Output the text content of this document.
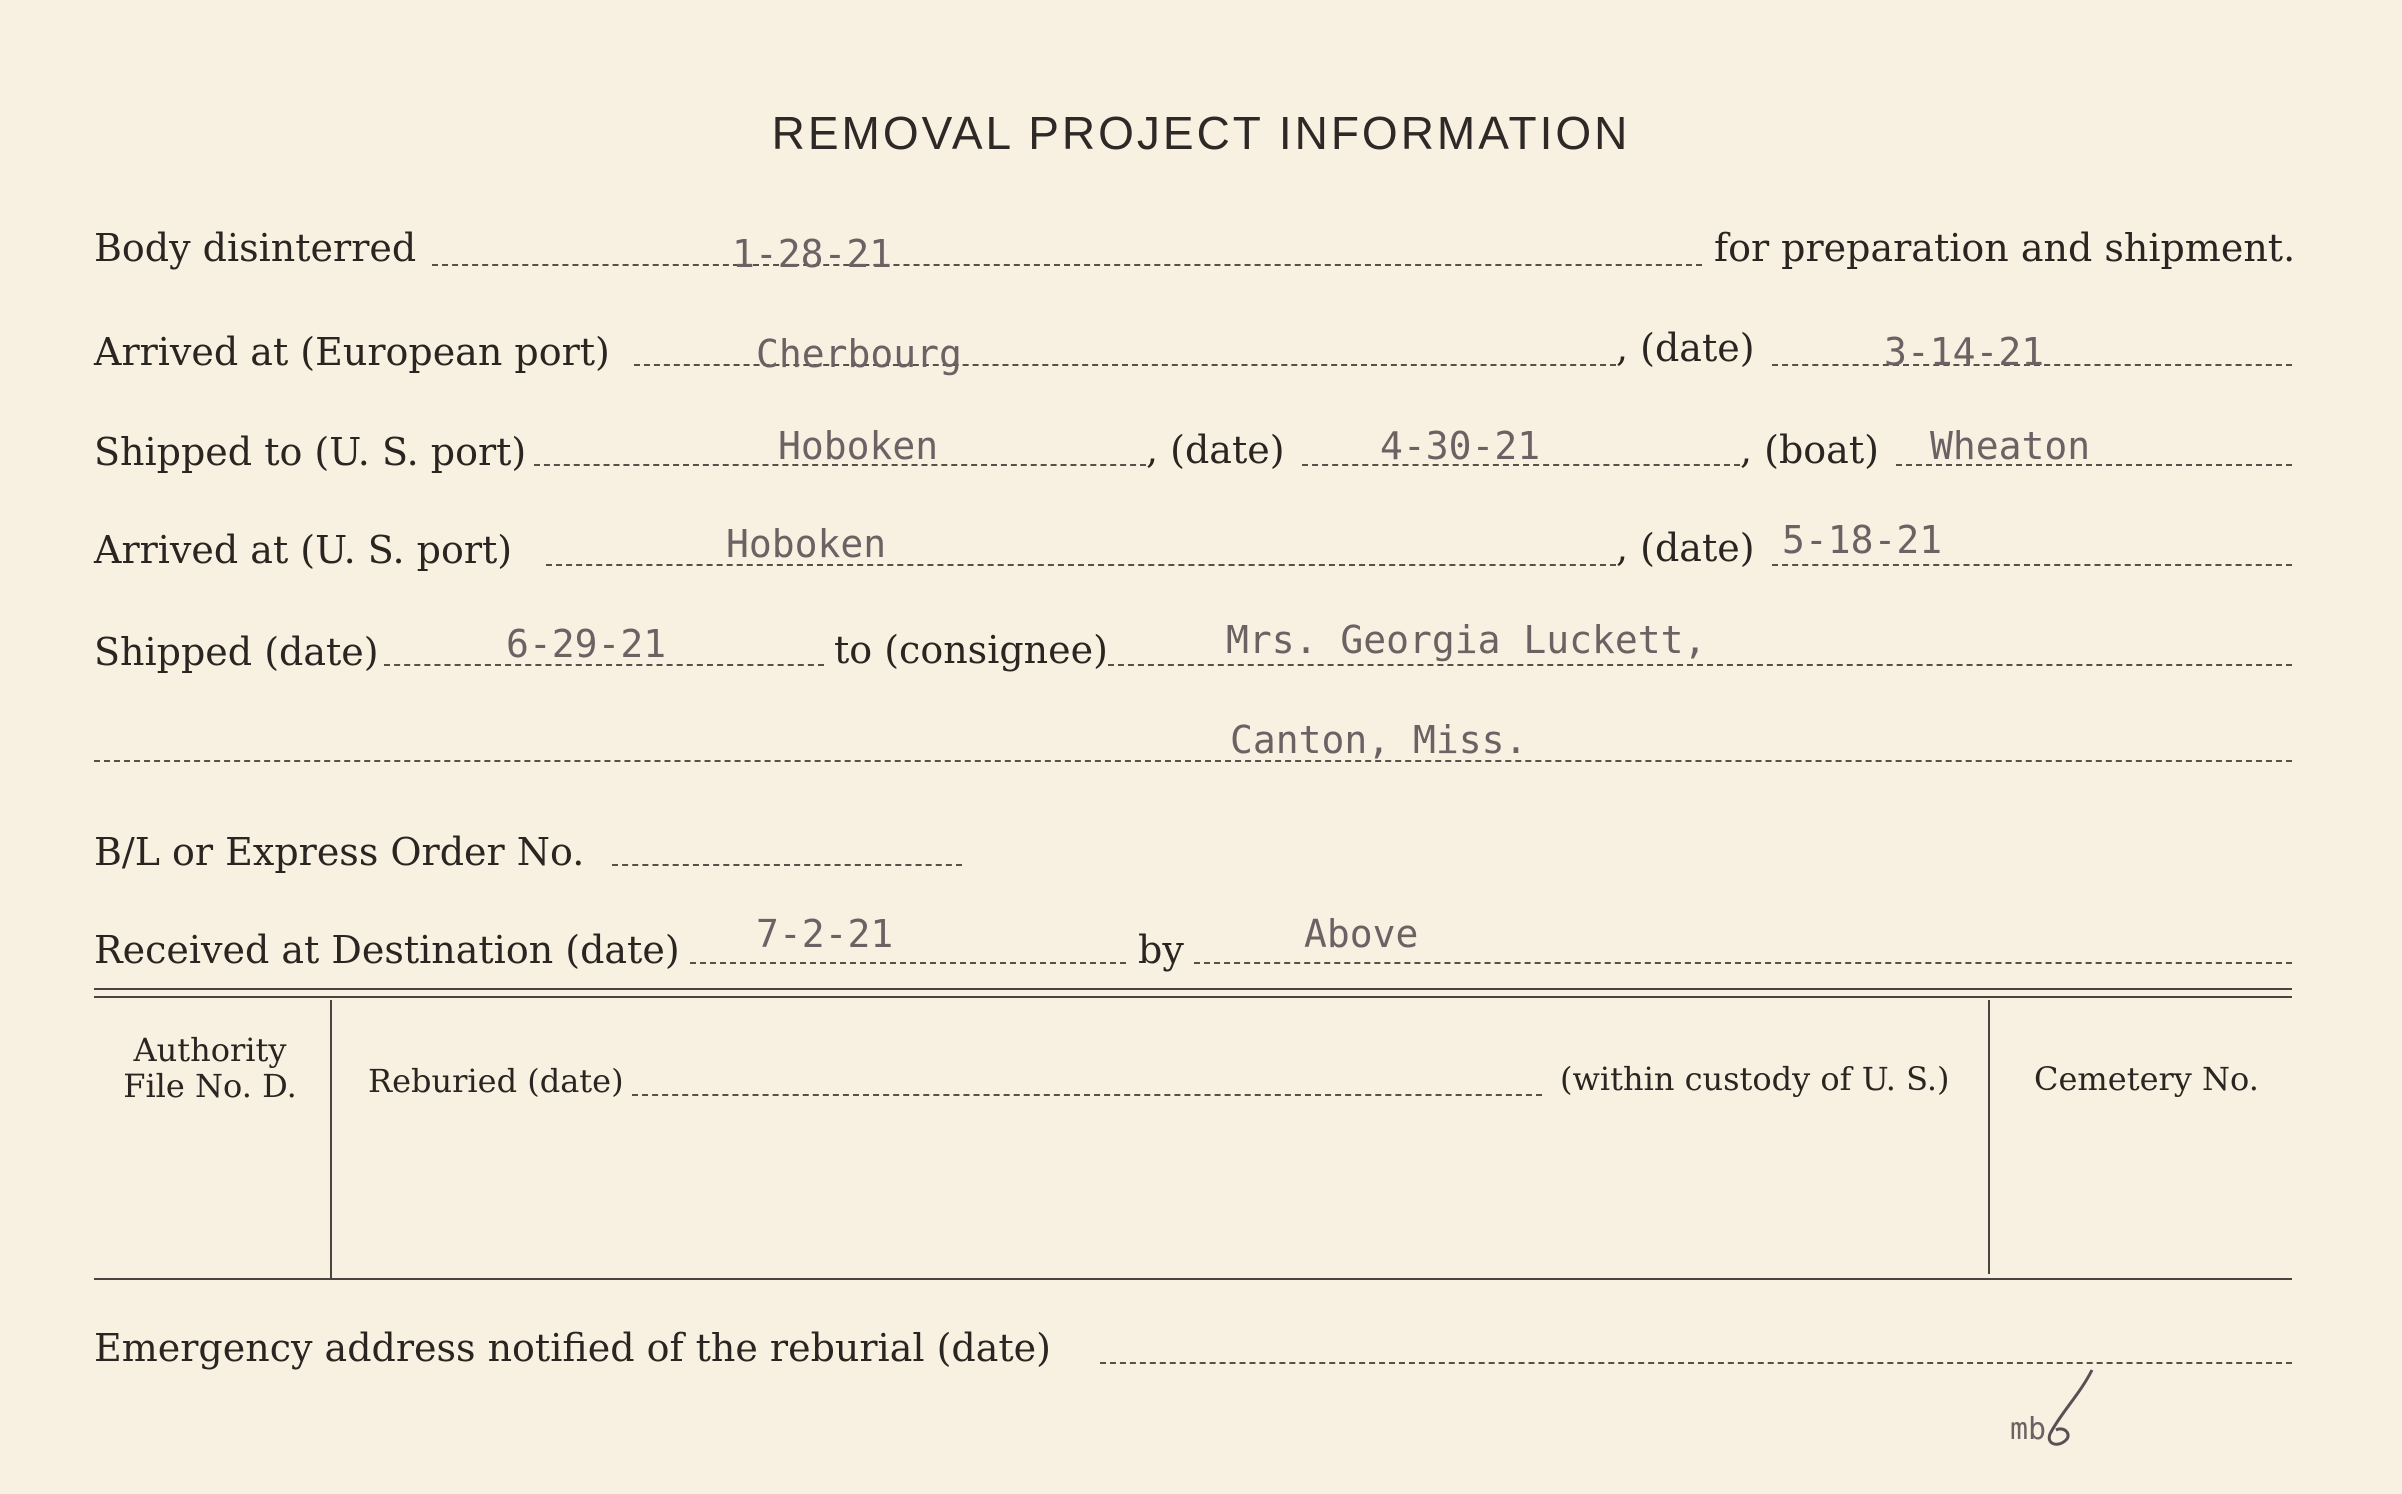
REMOVAL PROJECT INFORMATION
Body disinterred	1-28-21	for preparation and shipment.
Arrived at (European port)	Cherbourg	, (date)	3-14-21
Shipped to (U. S. port)	Hoboken	, (date)	4-30-21	, (boat) Wheaton
Arrived at (U. S. port)	Hoboken	, (date) 5-18-21
Shipped (date)	6-29-21	to (consignee)	Mrs. Georgia Luckett,
Canton, Miss.
B/L or Express Order No.
Received at Destination (date) 7-2-21	by	Above
Authority
File No. D.	Reburied (date)	(within custody of U. S.)	Cemetery No.
Emergency address notified of the reburial (date)
mb
